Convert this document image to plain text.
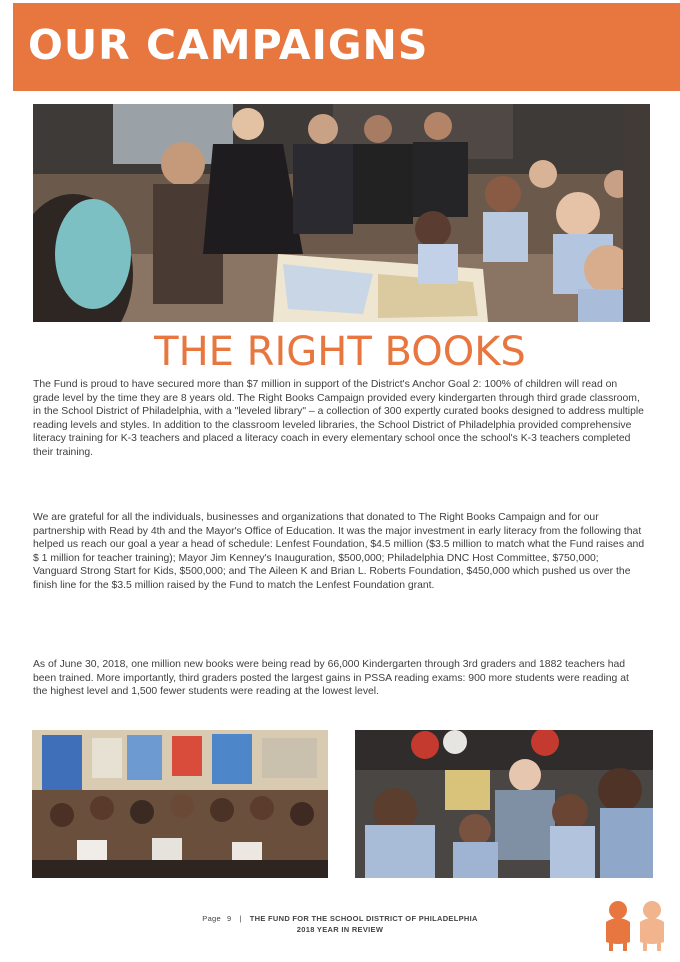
OUR CAMPAIGNS
THE RIGHT BOOKS

The Fund is proud to have secured more than $7 million in support of the District's Anchor Goal 2: 100% of children will read on grade level by the time they are 8 years old. The Right Books Campaign provided every kindergarten through third grade classroom, in the School District of Philadelphia, with a "leveled library" – a collection of 300 expertly curated books designed to address multiple reading levels and styles. In addition to the classroom leveled libraries, the School District of Philadelphia provided comprehensive literacy training for K-3 teachers and placed a literacy coach in every elementary school once the school's K-3 teachers completed their training.

We are grateful for all the individuals, businesses and organizations that donated to The Right Books Campaign and for our partnership with Read by 4th and the Mayor's Office of Education. It was the major investment in early literacy from the following that helped us reach our goal a year a head of schedule: Lenfest Foundation, $4.5 million ($3.5 million to match what the Fund raises and $ 1 million for teacher training); Mayor Jim Kenney's Inauguration, $500,000; Philadelphia DNC Host Committee, $750,000; Vanguard Strong Start for Kids, $500,000; and The Aileen K and Brian L. Roberts Foundation, $450,000 which pushed us over the finish line for the $3.5 million raised by the Fund to match the Lenfest Foundation grant.

As of June 30, 2018, one million new books were being read by 66,000 Kindergarten through 3rd graders and 1882 teachers had been trained. More importantly, third graders posted the largest gains in PSSA reading exams: 900 more students were reading at the highest level and 1,500 fewer students were reading at the lowest level.

Page 9 | THE FUND FOR THE SCHOOL DISTRICT OF PHILADELPHIA
2018 YEAR IN REVIEW
